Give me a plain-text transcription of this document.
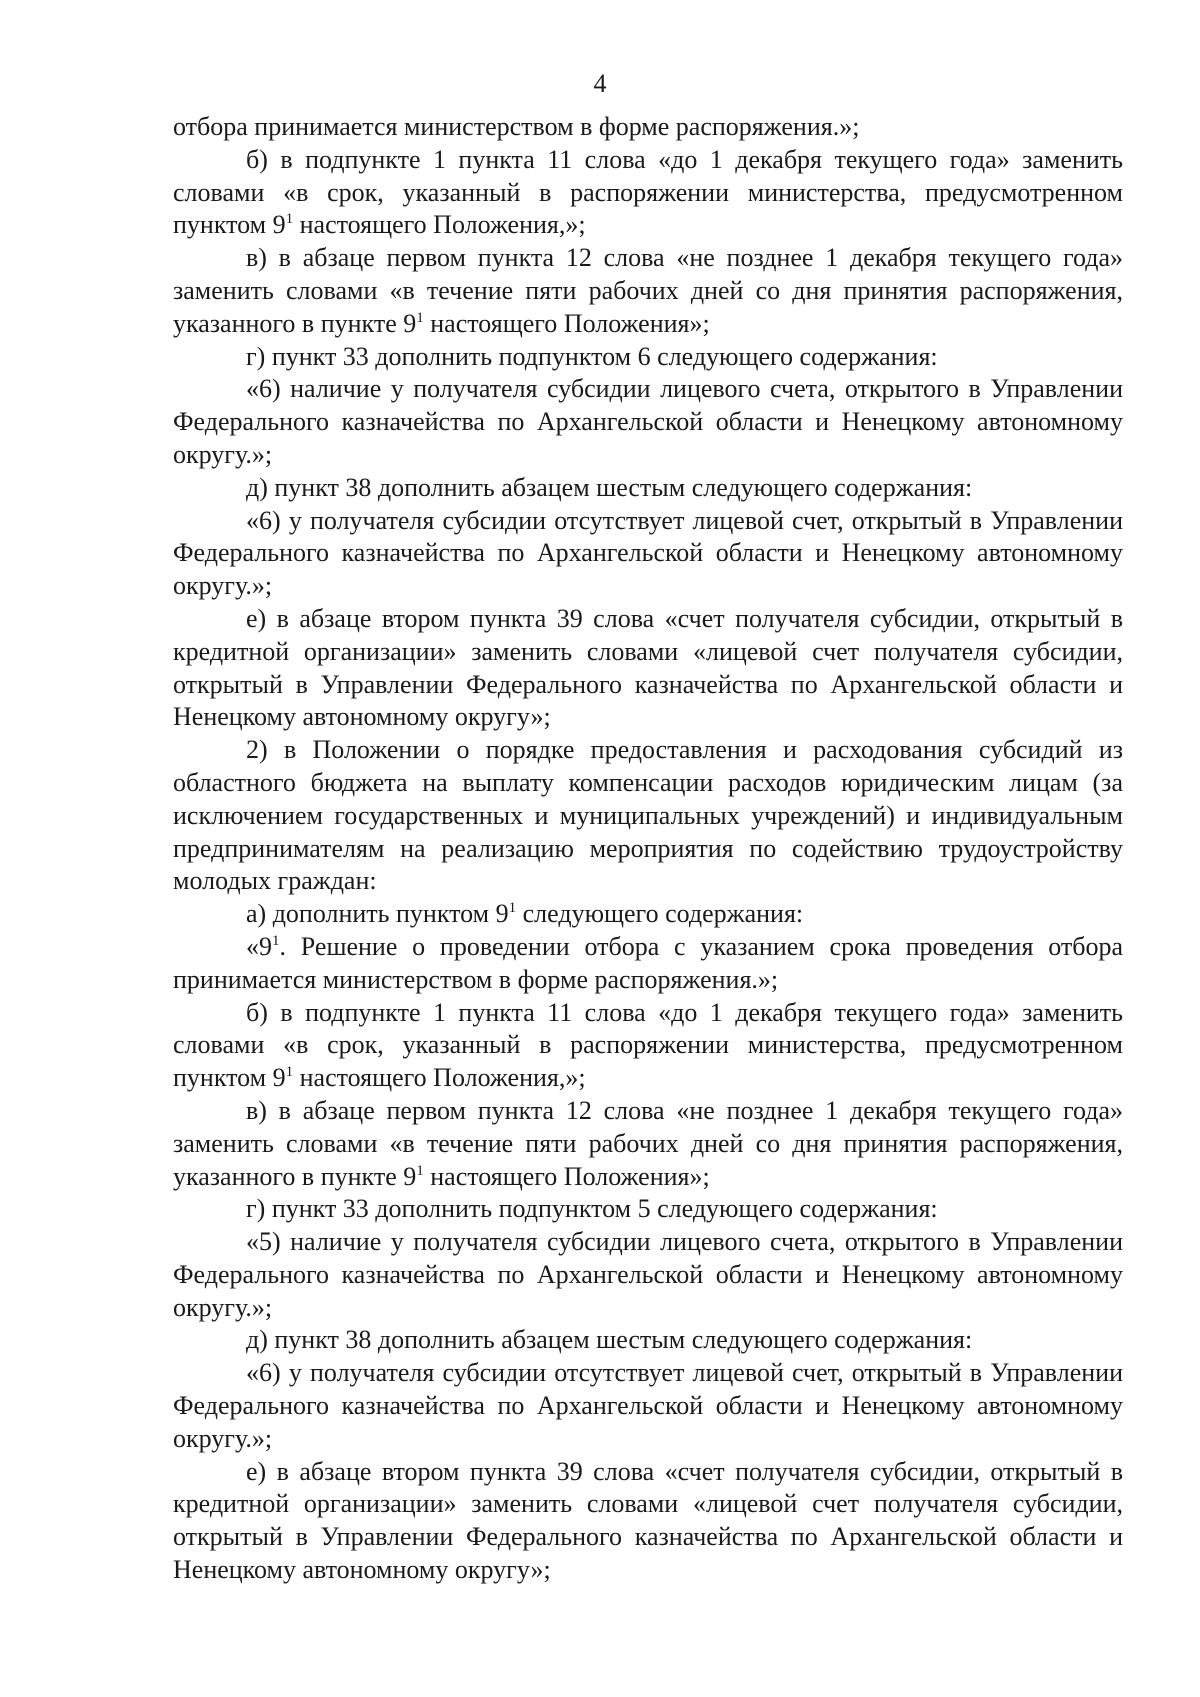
4

отбора принимается министерством в форме распоряжения.»;

б) в подпункте 1 пункта 11 слова «до 1 декабря текущего года» заменить словами «в срок, указанный в распоряжении министерства, предусмотренном пунктом $9^1$ настоящего Положения,»;

в) в абзаце первом пункта 12 слова «не позднее 1 декабря текущего года» заменить словами «в течение пяти рабочих дней со дня принятия распоряжения, указанного в пункте $9^1$ настоящего Положения»;

г) пункт 33 дополнить подпунктом 6 следующего содержания:

«6) наличие у получателя субсидии лицевого счета, открытого в Управлении Федерального казначейства по Архангельской области и Ненецкому автономному округу.»;

д) пункт 38 дополнить абзацем шестым следующего содержания:

«6) у получателя субсидии отсутствует лицевой счет, открытый в Управлении Федерального казначейства по Архангельской области и Ненецкому автономному округу.»;

е) в абзаце втором пункта 39 слова «счет получателя субсидии, открытый в кредитной организации» заменить словами «лицевой счет получателя субсидии, открытый в Управлении Федерального казначейства по Архангельской области и Ненецкому автономному округу»;

2) в Положении о порядке предоставления и расходования субсидий из областного бюджета на выплату компенсации расходов юридическим лицам (за исключением государственных и муниципальных учреждений) и индивидуальным предпринимателям на реализацию мероприятия по содействию трудоустройству молодых граждан:

а) дополнить пунктом $9^1$ следующего содержания:

«$9^1$. Решение о проведении отбора с указанием срока проведения отбора принимается министерством в форме распоряжения.»;

б) в подпункте 1 пункта 11 слова «до 1 декабря текущего года» заменить словами «в срок, указанный в распоряжении министерства, предусмотренном пунктом $9^1$ настоящего Положения,»;

в) в абзаце первом пункта 12 слова «не позднее 1 декабря текущего года» заменить словами «в течение пяти рабочих дней со дня принятия распоряжения, указанного в пункте $9^1$ настоящего Положения»;

г) пункт 33 дополнить подпунктом 5 следующего содержания:

«5) наличие у получателя субсидии лицевого счета, открытого в Управлении Федерального казначейства по Архангельской области и Ненецкому автономному округу.»;

д) пункт 38 дополнить абзацем шестым следующего содержания:

«6) у получателя субсидии отсутствует лицевой счет, открытый в Управлении Федерального казначейства по Архангельской области и Ненецкому автономному округу.»;

е) в абзаце втором пункта 39 слова «счет получателя субсидии, открытый в кредитной организации» заменить словами «лицевой счет получателя субсидии, открытый в Управлении Федерального казначейства по Архангельской области и Ненецкому автономному округу»;
